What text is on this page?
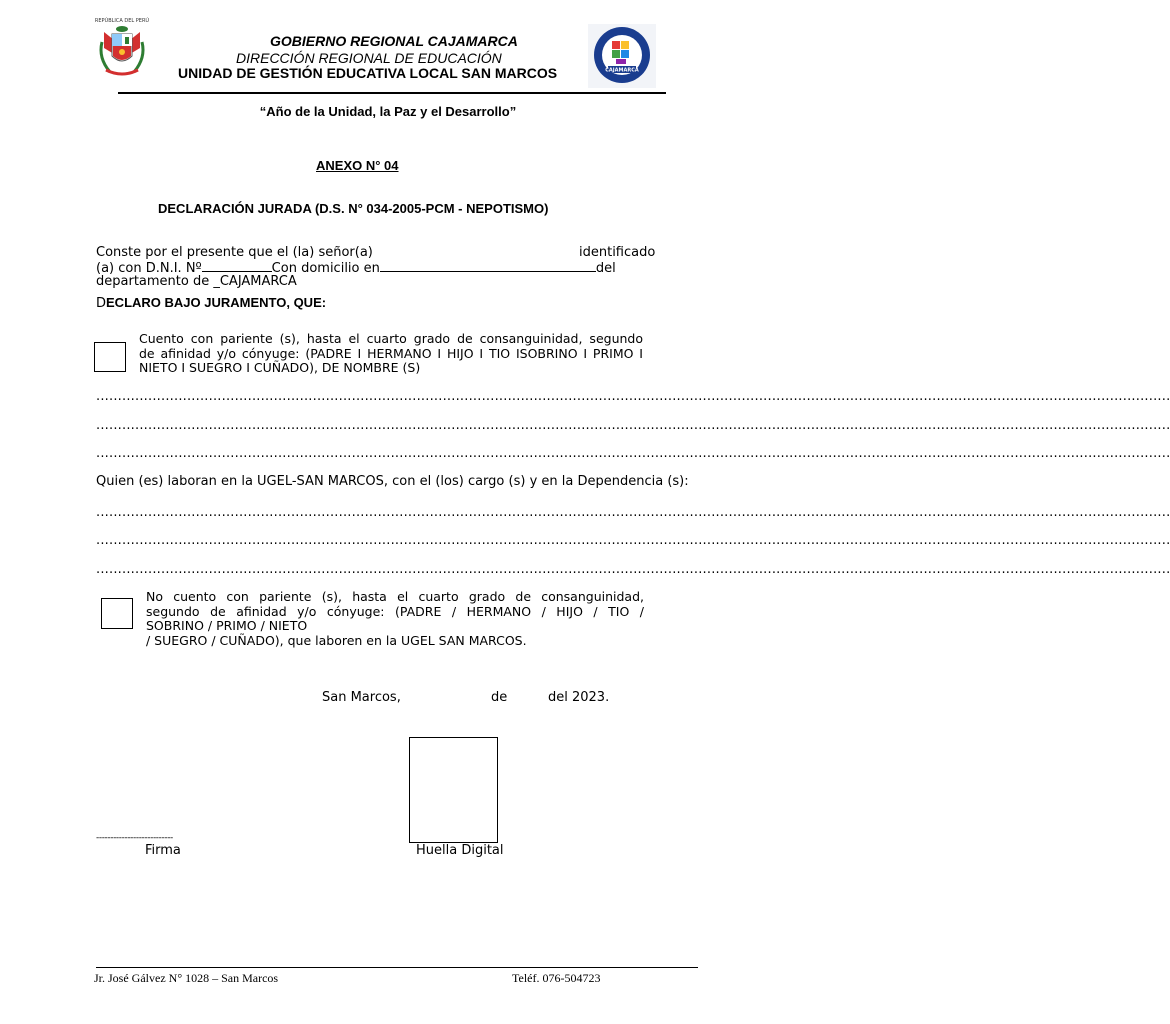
REPÚBLICA DEL PERÚ
GOBIERNO REGIONAL CAJAMARCA
DIRECCIÓN REGIONAL DE EDUCACIÓN
UNIDAD DE GESTIÓN EDUCATIVA LOCAL SAN MARCOS	CAJAMARCA
“Año de la Unidad, la Paz y el Desarrollo”
ANEXO N° 04
DECLARACIÓN JURADA (D.S. N° 034-2005-PCM - NEPOTISMO)
Conste por el presente que el (la) señor(a)	identificado
(a) con D.N.I. Nº	Con domicilio en	del
departamento de _CAJAMARCA
DECLARO BAJO JURAMENTO, QUE:
Cuento con pariente (s), hasta el cuarto grado de consanguinidad, segundo
de afinidad y/o cónyuge: (PADRE I HERMANO I HIJO I TIO ISOBRINO I PRIMO I
NIETO I SUEGRO I CUÑADO), DE NOMBRE (S)
........................................................................................................................................................................................................................................................
........................................................................................................................................................................................................................................................
........................................................................................................................................................................................................................................................
Quien (es) laboran en la UGEL-SAN MARCOS, con el (los) cargo (s) y en la Dependencia (s):
........................................................................................................................................................................................................................................................
........................................................................................................................................................................................................................................................
........................................................................................................................................................................................................................................................
No cuento con pariente (s), hasta el cuarto grado de consanguinidad,
segundo de afinidad y/o cónyuge: (PADRE / HERMANO / HIJO / TIO /
SOBRINO / PRIMO / NIETO
/ SUEGRO / CUÑADO), que laboren en la UGEL SAN MARCOS.
San Marcos,	de	del 2023.
---------------------------
Firma	Huella Digital
Jr. José Gálvez N° 1028 – San Marcos	Teléf. 076-504723
